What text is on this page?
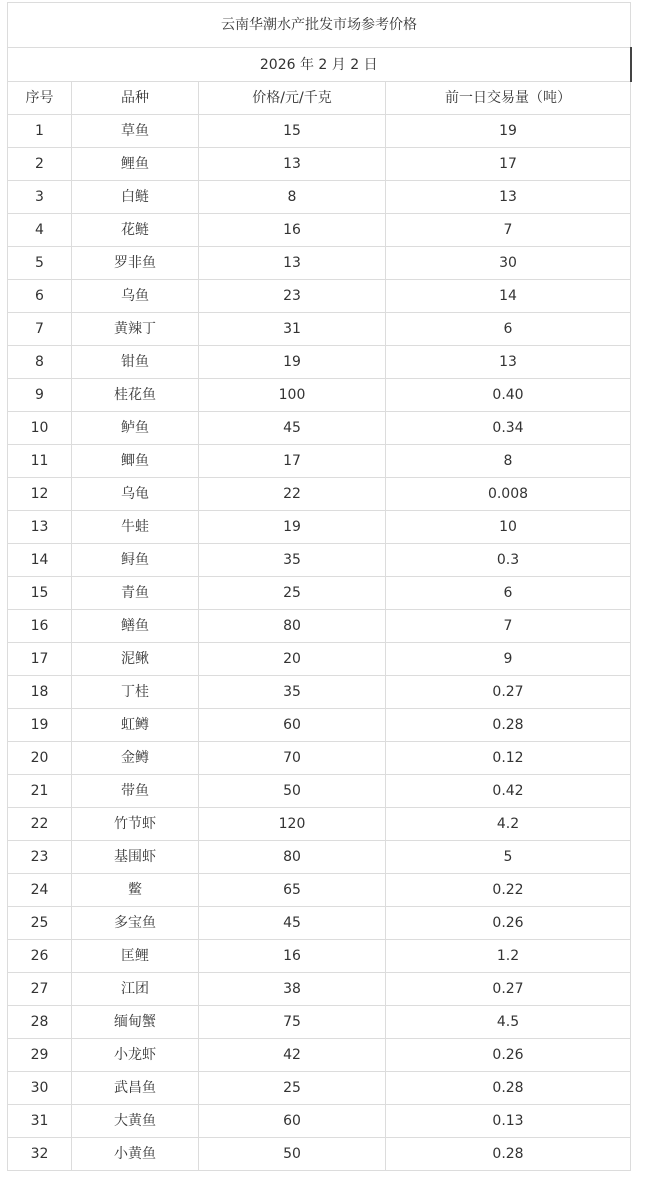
云南华潮水产批发市场参考价格			
2026 年 2 月 2 日			
序号	品种	价格/元/千克	前一日交易量（吨）
1	草鱼	15	19
2	鲤鱼	13	17
3	白鲢	8	13
4	花鲢	16	7
5	罗非鱼	13	30
6	乌鱼	23	14
7	黄辣丁	31	6
8	钳鱼	19	13
9	桂花鱼	100	0.40
10	鲈鱼	45	0.34
11	鲫鱼	17	8
12	乌龟	22	0.008
13	牛蛙	19	10
14	鲟鱼	35	0.3
15	青鱼	25	6
16	鳝鱼	80	7
17	泥鳅	20	9
18	丁桂	35	0.27
19	虹鳟	60	0.28
20	金鳟	70	0.12
21	带鱼	50	0.42
22	竹节虾	120	4.2
23	基围虾	80	5
24	鳖	65	0.22
25	多宝鱼	45	0.26
26	匡鲤	16	1.2
27	江团	38	0.27
28	缅甸蟹	75	4.5
29	小龙虾	42	0.26
30	武昌鱼	25	0.28
31	大黄鱼	60	0.13
32	小黄鱼	50	0.28
